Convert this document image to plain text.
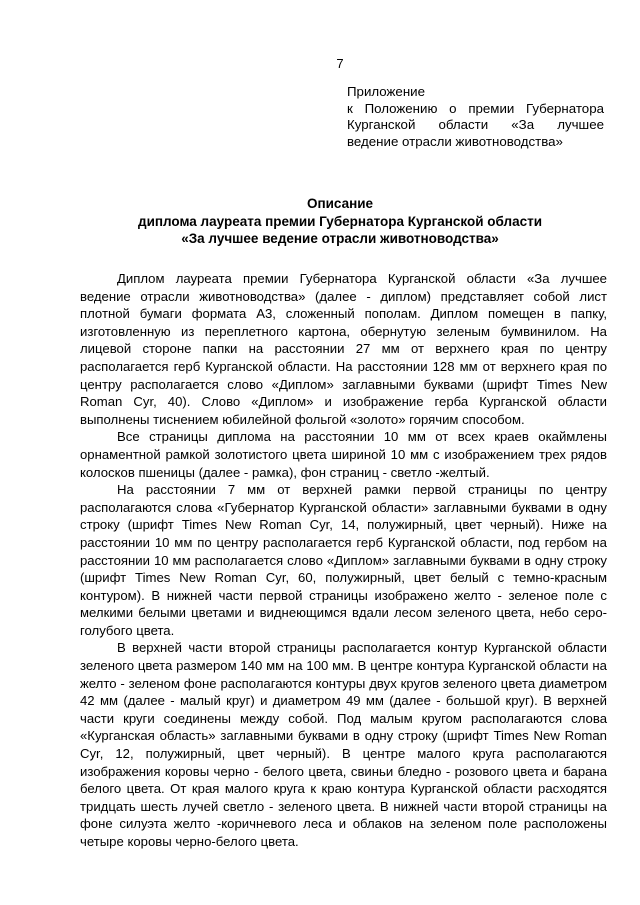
7
Приложение
к Положению о премии Губернатора
Курганской области «За лучшее
ведение отрасли животноводства»
Описание
диплома лауреата премии Губернатора Курганской области
«За лучшее ведение отрасли животноводства»

Диплом лауреата премии Губернатора Курганской области «За лучшее ведение отрасли животноводства» (далее - диплом) представляет собой лист плотной бумаги формата А3, сложенный пополам. Диплом помещен в папку, изготовленную из переплетного картона, обернутую зеленым бумвинилом. На лицевой стороне папки на расстоянии 27 мм от верхнего края по центру располагается герб Курганской области. На расстоянии 128 мм от верхнего края по центру располагается слово «Диплом» заглавными буквами (шрифт Times New Roman Cyr, 40). Слово «Диплом» и изображение герба Курганской области выполнены тиснением юбилейной фольгой «золото» горячим способом.

Все страницы диплома на расстоянии 10 мм от всех краев окаймлены орнаментной рамкой золотистого цвета шириной 10 мм с изображением трех рядов колосков пшеницы (далее - рамка), фон страниц - светло -желтый.

На расстоянии 7 мм от верхней рамки первой страницы по центру располагаются слова «Губернатор Курганской области» заглавными буквами в одну строку (шрифт Times New Roman Cyr, 14, полужирный, цвет черный). Ниже на расстоянии 10 мм по центру располагается герб Курганской области, под гербом на расстоянии 10 мм располагается слово «Диплом» заглавными буквами в одну строку (шрифт Times New Roman Cyr, 60, полужирный, цвет белый с темно-красным контуром). В нижней части первой страницы изображено желто - зеленое поле с мелкими белыми цветами и виднеющимся вдали лесом зеленого цвета, небо серо-голубого цвета.

В верхней части второй страницы располагается контур Курганской области зеленого цвета размером 140 мм на 100 мм. В центре контура Курганской области на желто - зеленом фоне располагаются контуры двух кругов зеленого цвета диаметром 42 мм (далее - малый круг) и диаметром 49 мм (далее - большой круг). В верхней части круги соединены между собой. Под малым кругом располагаются слова «Курганская область» заглавными буквами в одну строку (шрифт Times New Roman Cyr, 12, полужирный, цвет черный). В центре малого круга располагаются изображения коровы черно - белого цвета, свиньи бледно - розового цвета и барана белого цвета. От края малого круга к краю контура Курганской области расходятся тридцать шесть лучей светло - зеленого цвета. В нижней части второй страницы на фоне силуэта желто -коричневого леса и облаков на зеленом поле расположены четыре коровы черно-белого цвета.
